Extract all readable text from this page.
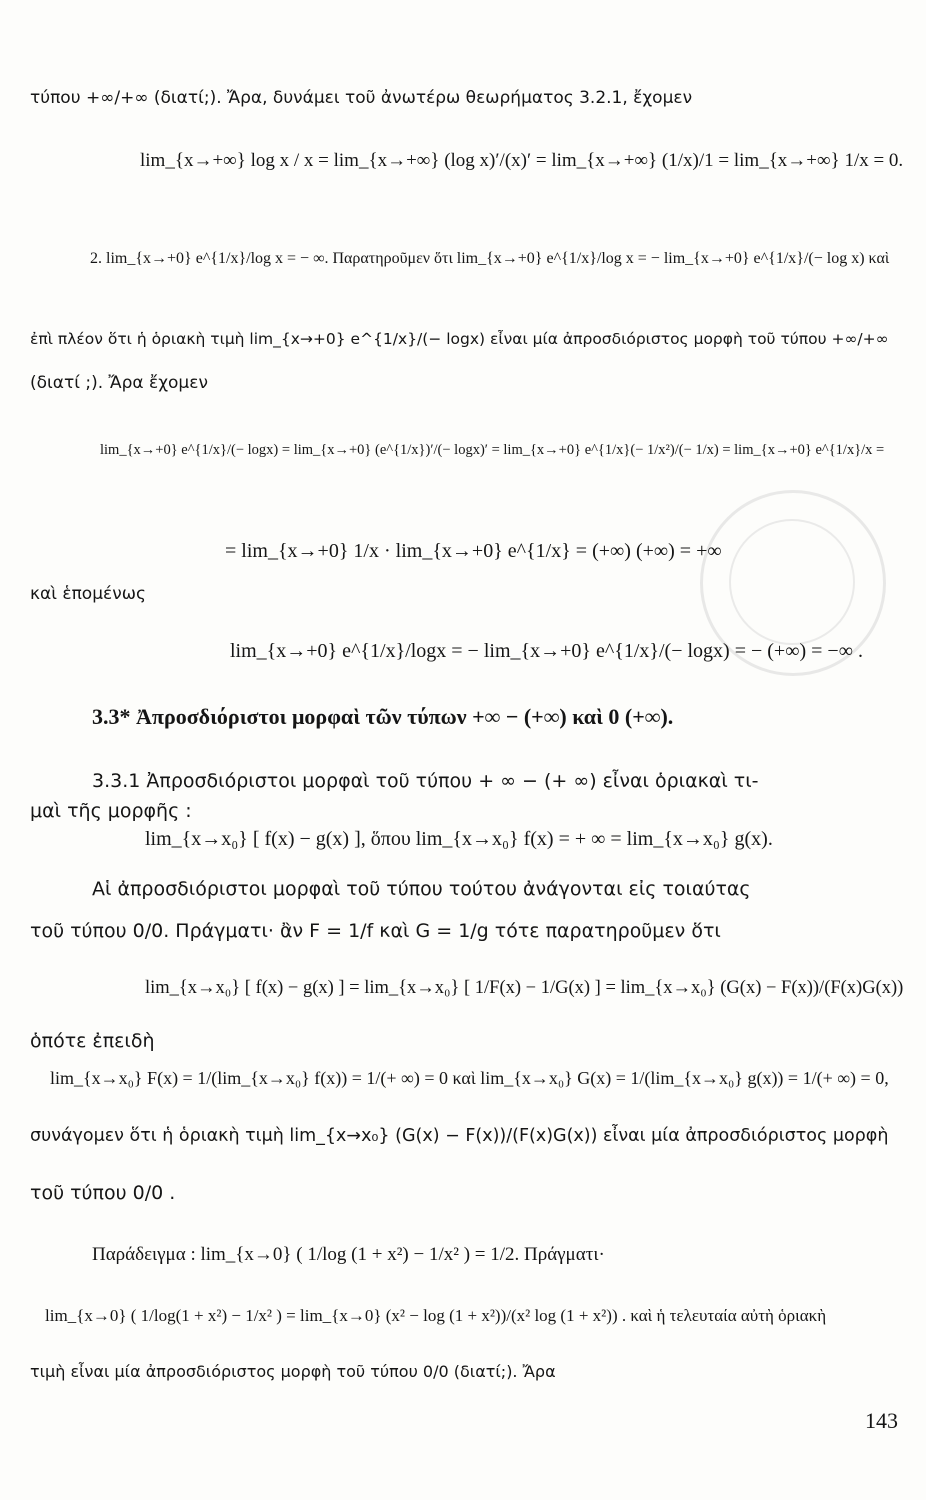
τύπου +∞/+∞ (διατί;). Ἄρα, δυνάμει τοῦ ἀνωτέρω θεωρήματος 3.2.1, ἔχομεν
lim_{x→+∞} log x / x = lim_{x→+∞} (log x)′/(x)′ = lim_{x→+∞} (1/x)/1 = lim_{x→+∞} 1/x = 0.
2. lim_{x→+0} e^{1/x}/log x = − ∞. Παρατηροῦμεν ὅτι lim_{x→+0} e^{1/x}/log x = − lim_{x→+0} e^{1/x}/(− log x) καὶ
ἐπὶ πλέον ὅτι ἡ ὁριακὴ τιμὴ lim_{x→+0} e^{1/x}/(− logx) εἶναι μία ἀπροσδιόριστος μορφὴ τοῦ τύπου +∞/+∞
(διατί ;). Ἄρα ἔχομεν
lim_{x→+0} e^{1/x}/(− logx) = lim_{x→+0} (e^{1/x})′/(− logx)′ = lim_{x→+0} e^{1/x}(− 1/x²)/(− 1/x) = lim_{x→+0} e^{1/x}/x =
= lim_{x→+0} 1/x · lim_{x→+0} e^{1/x} = (+∞) (+∞) = +∞
καὶ ἑπομένως
lim_{x→+0} e^{1/x}/logx = − lim_{x→+0} e^{1/x}/(− logx) = − (+∞) = −∞ .
3.3* Ἀπροσδιόριστοι μορφαὶ τῶν τύπων +∞ − (+∞) καὶ 0 (+∞).
3.3.1 Ἀπροσδιόριστοι μορφαὶ τοῦ τύπου + ∞ − (+ ∞) εἶναι ὁριακαὶ τι-
μαὶ τῆς μορφῆς :
lim_{x→x₀} [ f(x) − g(x) ], ὅπου lim_{x→x₀} f(x) = + ∞ = lim_{x→x₀} g(x).
Αἱ ἀπροσδιόριστοι μορφαὶ τοῦ τύπου τούτου ἀνάγονται εἰς τοιαύτας
τοῦ τύπου 0/0. Πράγματι· ἂν F = 1/f καὶ G = 1/g τότε παρατηροῦμεν ὅτι
lim_{x→x₀} [ f(x) − g(x) ] = lim_{x→x₀} [ 1/F(x) − 1/G(x) ] = lim_{x→x₀} (G(x) − F(x))/(F(x)G(x))
ὁπότε ἐπειδὴ
lim_{x→x₀} F(x) = 1/(lim_{x→x₀} f(x)) = 1/(+ ∞) = 0 καὶ lim_{x→x₀} G(x) = 1/(lim_{x→x₀} g(x)) = 1/(+ ∞) = 0,
συνάγομεν ὅτι ἡ ὁριακὴ τιμὴ lim_{x→x₀} (G(x) − F(x))/(F(x)G(x)) εἶναι μία ἀπροσδιόριστος μορφὴ
τοῦ τύπου 0/0 .
Παράδειγμα : lim_{x→0} ( 1/log (1 + x²) − 1/x² ) = 1/2. Πράγματι·
lim_{x→0} ( 1/log(1 + x²) − 1/x² ) = lim_{x→0} (x² − log (1 + x²))/(x² log (1 + x²)) . καὶ ἡ τελευταία αὐτὴ ὁριακὴ
τιμὴ εἶναι μία ἀπροσδιόριστος μορφὴ τοῦ τύπου 0/0 (διατί;). Ἄρα
143
